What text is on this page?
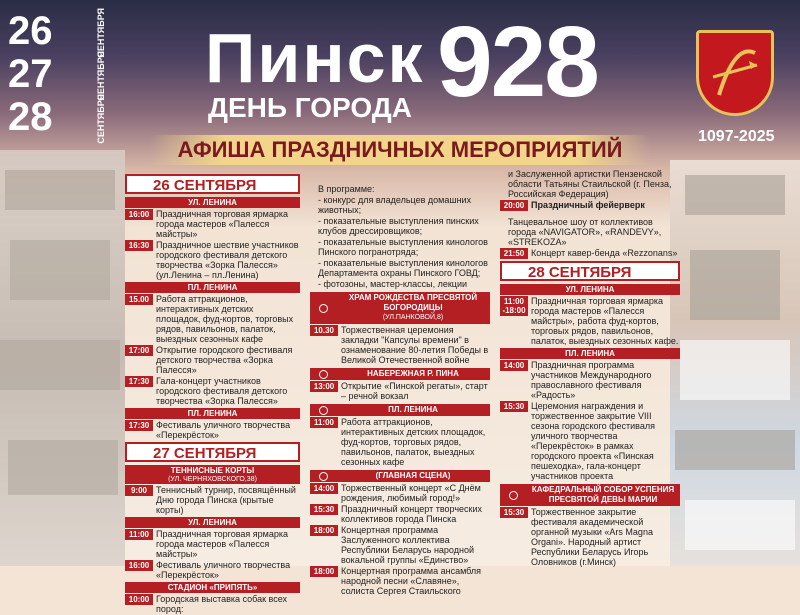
26	СЕНТЯБРЯ
27	СЕНТЯБРЯ
28	СЕНТЯБРЯ
Пинск 928
ДЕНЬ ГОРОДА
1097-2025
АФИША ПРАЗДНИЧНЫХ МЕРОПРИЯТИЙ
26 СЕНТЯБРЯ
УЛ. ЛЕНИНА
16:00 Праздничная торговая ярмарка города мастеров «Палесся майстры»
16:30 Праздничное шествие участников городского фестиваля детского творчества «Зорка Палесся» (ул.Ленина – пл.Ленина)
ПЛ. ЛЕНИНА
15.00 Работа аттракционов, интерактивных детских площадок, фуд-кортов, торговых рядов, павильонов, палаток, выездных сезонных кафе
17:00 Открытие городского фестиваля детского творчества «Зорка Палесся»
17:30 Гала-концерт участников городского фестиваля детского творчества «Зорка Палесся»
ПЛ. ЛЕНИНА
17:30 Фестиваль уличного творчества «Перекрёсток»
27 СЕНТЯБРЯ
ТЕННИСНЫЕ КОРТЫ
(УЛ. ЧЕРНЯХОВСКОГО,38)
9:00	Теннисный турнир, посвящённый Дню города Пинска (крытые корты)
УЛ. ЛЕНИНА
11:00 Праздничная торговая ярмарка города мастеров «Палесся майстры»
16:00 Фестиваль уличного творчества «Перекрёсток»
СТАДИОН «ПРИПЯТЬ»
10:00 Городская выставка собак всех пород:
В программе:
- конкурс для владельцев домашних животных;
- показательные выступления пинских клубов дрессировщиков;
- показательные выступления кинологов Пинского погранотряда;
- показательные выступления кинологов Департамента охраны Пинского ГОВД;
- фотозоны, мастер-классы, лекции
ХРАМ РОЖДЕСТВА ПРЕСВЯТОЙ БОГОРОДИЦЫ
(УЛ.ПАНКОВОЙ,8)
10.30 Торжественная церемония закладки "Капсулы времени" в ознаменование 80-летия Победы в Великой Отечественной войне
НАБЕРЕЖНАЯ Р. ПИНА
13:00 Открытие «Пинской регаты», старт – речной вокзал
ПЛ. ЛЕНИНА
11:00 Работа аттракционов, интерактивных детских площадок, фуд-кортов, торговых рядов, павильонов, палаток, выездных сезонных кафе
(ГЛАВНАЯ СЦЕНА)
14:00 Торжественный концерт «С Днём рождения, любимый город!»
15:30 Праздничный концерт творческих коллективов города Пинска
18:00 Концертная программа Заслуженного коллектива Республики Беларусь народной вокальной группы «Единство»
18:00 Концертная программа ансамбля народной песни «Славяне», солиста Сергея Стаильского
и Заслуженной артистки Пензенской области Татьяны Стаильской (г. Пенза, Российская Федерация)
20:00 Праздничный фейерверк
Танцевальное шоу от коллективов города «NAVIGATOR», «RANDEVY», «STREKOZA»
21:50 Концерт кавер-бенда «Rezzonans»
28 СЕНТЯБРЯ
УЛ. ЛЕНИНА
11:00 -18:00
Праздничная торговая ярмарка города мастеров «Палесся майстры», работа фуд-кортов, торговых рядов, павильонов, палаток, выездных сезонных кафе.
ПЛ. ЛЕНИНА
14:00 Праздничная программа участников Международного православного фестиваля «Радость»
15:30 Церемония награждения и торжественное закрытие VIII сезона городского фестиваля уличного творчества «Перекрёсток» в рамках городского проекта «Пинская пешеходка», гала-концерт участников проекта
КАФЕДРАЛЬНЫЙ СОБОР УСПЕНИЯ ПРЕСВЯТОЙ ДЕВЫ МАРИИ
15:30 Торжественное закрытие фестиваля академической органной музыки «Ars Magna Organi». Народный артист Республики Беларусь Игорь Оловников (г.Минск)
